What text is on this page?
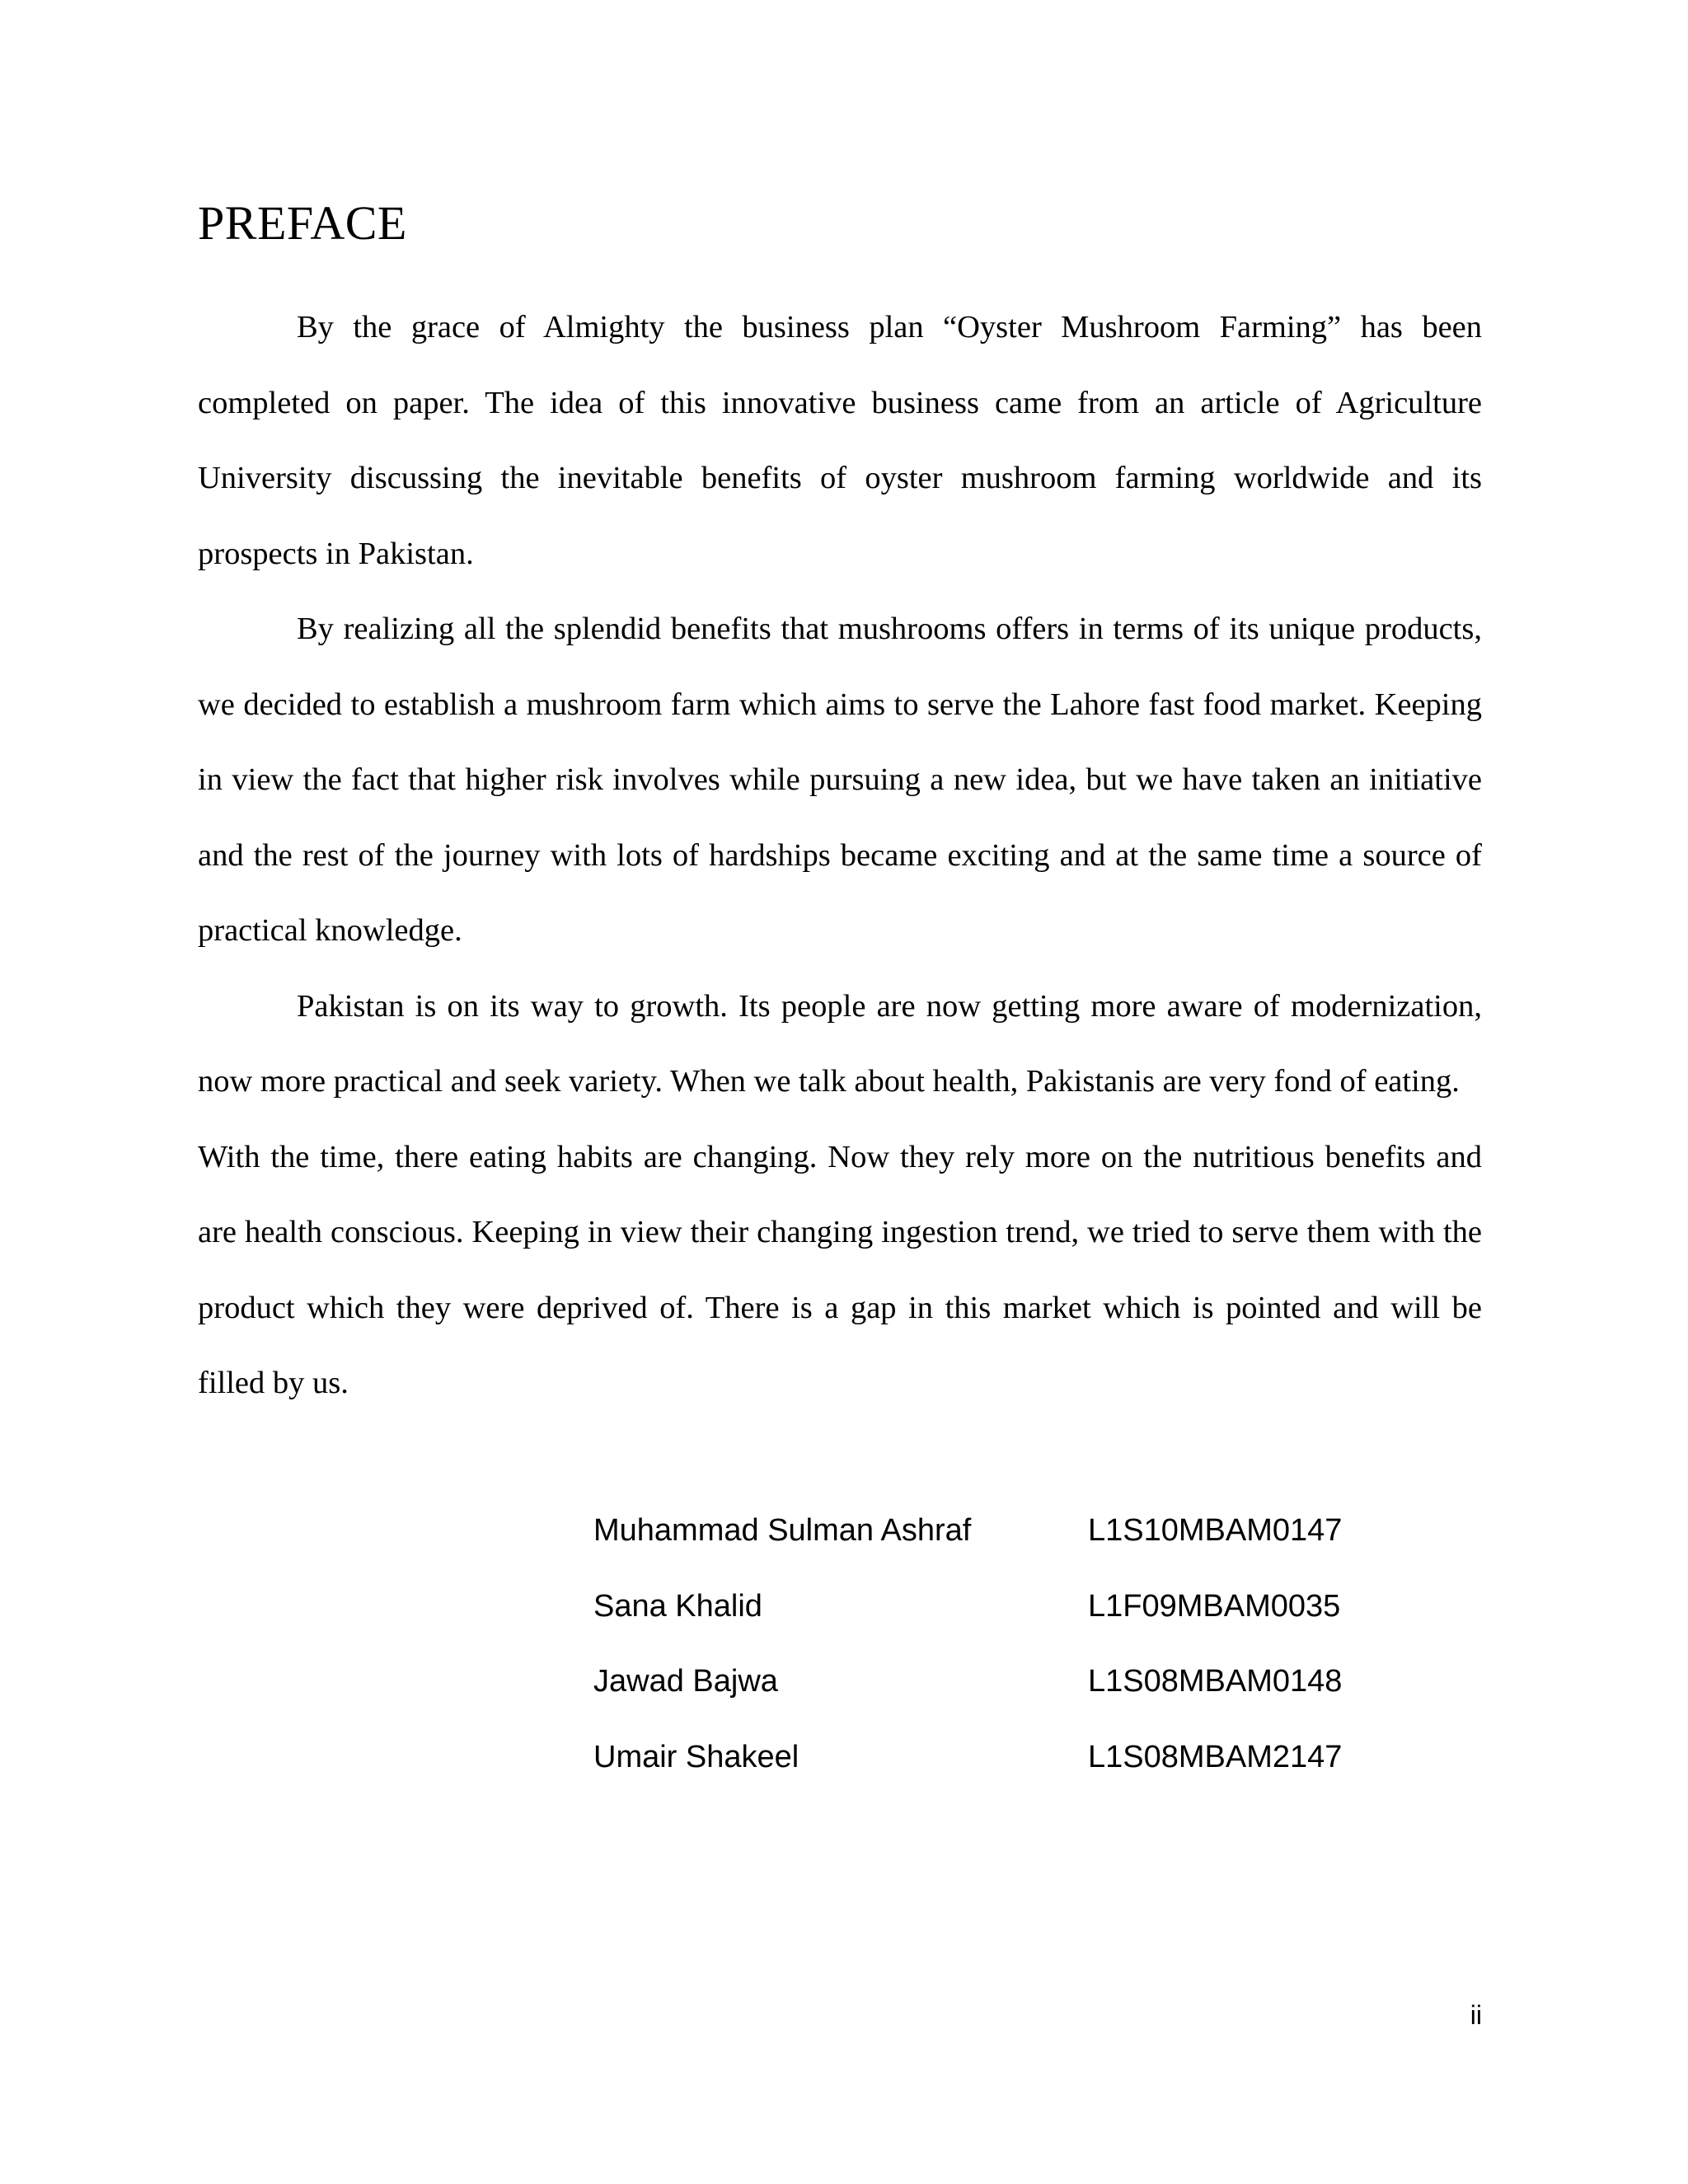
PREFACE

By the grace of Almighty the business plan “Oyster Mushroom Farming” has been completed on paper. The idea of this innovative business came from an article of Agriculture University discussing the inevitable benefits of oyster mushroom farming worldwide and its prospects in Pakistan.

By realizing all the splendid benefits that mushrooms offers in terms of its unique products, we decided to establish a mushroom farm which aims to serve the Lahore fast food market. Keeping in view the fact that higher risk involves while pursuing a new idea, but we have taken an initiative and the rest of the journey with lots of hardships became exciting and at the same time a source of practical knowledge.

Pakistan is on its way to growth. Its people are now getting more aware of modernization, now more practical and seek variety. When we talk about health, Pakistanis are very fond of eating.

With the time, there eating habits are changing. Now they rely more on the nutritious benefits and are health conscious. Keeping in view their changing ingestion trend, we tried to serve them with the product which they were deprived of. There is a gap in this market which is pointed and will be filled by us.

Muhammad Sulman Ashraf	L1S10MBAM0147
Sana Khalid	L1F09MBAM0035
Jawad Bajwa	L1S08MBAM0148
Umair Shakeel	L1S08MBAM2147
ii
